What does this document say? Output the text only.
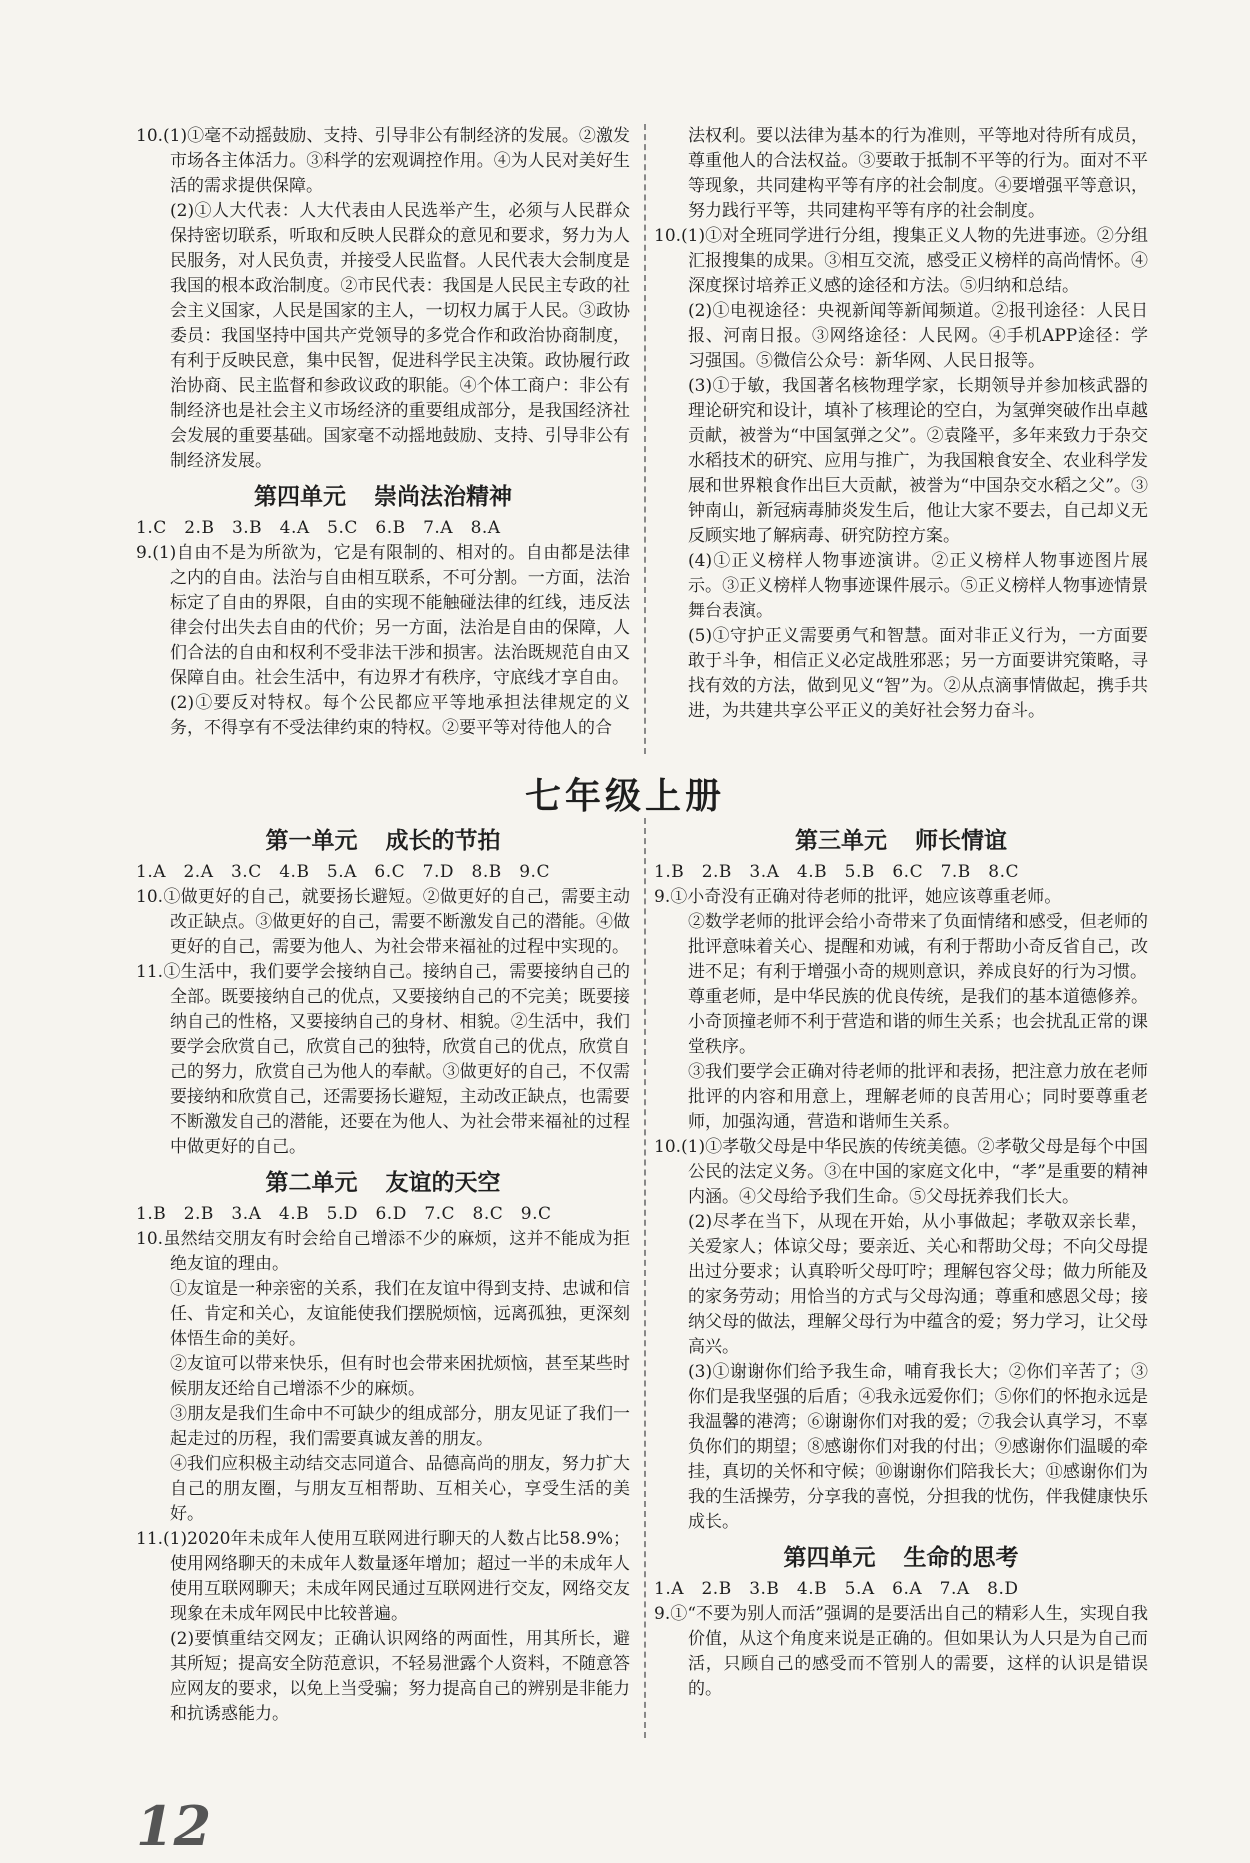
10.(1)①毫不动摇鼓励、支持、引导非公有制经济的发展。②激发市场各主体活力。③科学的宏观调控作用。④为人民对美好生活的需求提供保障。

(2)①人大代表：人大代表由人民选举产生，必须与人民群众保持密切联系，听取和反映人民群众的意见和要求，努力为人民服务，对人民负责，并接受人民监督。人民代表大会制度是我国的根本政治制度。②市民代表：我国是人民民主专政的社会主义国家，人民是国家的主人，一切权力属于人民。③政协委员：我国坚持中国共产党领导的多党合作和政治协商制度，有利于反映民意，集中民智，促进科学民主决策。政协履行政治协商、民主监督和参政议政的职能。④个体工商户：非公有制经济也是社会主义市场经济的重要组成部分，是我国经济社会发展的重要基础。国家毫不动摇地鼓励、支持、引导非公有制经济发展。

第四单元 崇尚法治精神

1.C　2.B　3.B　4.A　5.C　6.B　7.A　8.A

9.(1)自由不是为所欲为，它是有限制的、相对的。自由都是法律之内的自由。法治与自由相互联系，不可分割。一方面，法治标定了自由的界限，自由的实现不能触碰法律的红线，违反法律会付出失去自由的代价；另一方面，法治是自由的保障，人们合法的自由和权利不受非法干涉和损害。法治既规范自由又保障自由。社会生活中，有边界才有秩序，守底线才享自由。

(2)①要反对特权。每个公民都应平等地承担法律规定的义务，不得享有不受法律约束的特权。②要平等对待他人的合

法权利。要以法律为基本的行为准则，平等地对待所有成员，尊重他人的合法权益。③要敢于抵制不平等的行为。面对不平等现象，共同建构平等有序的社会制度。④要增强平等意识，努力践行平等，共同建构平等有序的社会制度。

10.(1)①对全班同学进行分组，搜集正义人物的先进事迹。②分组汇报搜集的成果。③相互交流，感受正义榜样的高尚情怀。④深度探讨培养正义感的途径和方法。⑤归纳和总结。

(2)①电视途径：央视新闻等新闻频道。②报刊途径：人民日报、河南日报。③网络途径：人民网。④手机APP途径：学习强国。⑤微信公众号：新华网、人民日报等。

(3)①于敏，我国著名核物理学家，长期领导并参加核武器的理论研究和设计，填补了核理论的空白，为氢弹突破作出卓越贡献，被誉为“中国氢弹之父”。②袁隆平，多年来致力于杂交水稻技术的研究、应用与推广，为我国粮食安全、农业科学发展和世界粮食作出巨大贡献，被誉为“中国杂交水稻之父”。③钟南山，新冠病毒肺炎发生后，他让大家不要去，自己却义无反顾实地了解病毒、研究防控方案。

(4)①正义榜样人物事迹演讲。②正义榜样人物事迹图片展示。③正义榜样人物事迹课件展示。⑤正义榜样人物事迹情景舞台表演。

(5)①守护正义需要勇气和智慧。面对非正义行为，一方面要敢于斗争，相信正义必定战胜邪恶；另一方面要讲究策略，寻找有效的方法，做到见义“智”为。②从点滴事情做起，携手共进，为共建共享公平正义的美好社会努力奋斗。

七年级上册
第一单元 成长的节拍

1.A　2.A　3.C　4.B　5.A　6.C　7.D　8.B　9.C

10.①做更好的自己，就要扬长避短。②做更好的自己，需要主动改正缺点。③做更好的自己，需要不断激发自己的潜能。④做更好的自己，需要为他人、为社会带来福祉的过程中实现的。

11.①生活中，我们要学会接纳自己。接纳自己，需要接纳自己的全部。既要接纳自己的优点，又要接纳自己的不完美；既要接纳自己的性格，又要接纳自己的身材、相貌。②生活中，我们要学会欣赏自己，欣赏自己的独特，欣赏自己的优点，欣赏自己的努力，欣赏自己为他人的奉献。③做更好的自己，不仅需要接纳和欣赏自己，还需要扬长避短，主动改正缺点，也需要不断激发自己的潜能，还要在为他人、为社会带来福祉的过程中做更好的自己。

第二单元 友谊的天空

1.B　2.B　3.A　4.B　5.D　6.D　7.C　8.C　9.C

10.虽然结交朋友有时会给自己增添不少的麻烦，这并不能成为拒绝友谊的理由。

①友谊是一种亲密的关系，我们在友谊中得到支持、忠诚和信任、肯定和关心，友谊能使我们摆脱烦恼，远离孤独，更深刻体悟生命的美好。

②友谊可以带来快乐，但有时也会带来困扰烦恼，甚至某些时候朋友还给自己增添不少的麻烦。

③朋友是我们生命中不可缺少的组成部分，朋友见证了我们一起走过的历程，我们需要真诚友善的朋友。

④我们应积极主动结交志同道合、品德高尚的朋友，努力扩大自己的朋友圈，与朋友互相帮助、互相关心，享受生活的美好。

11.(1)2020年未成年人使用互联网进行聊天的人数占比58.9%；使用网络聊天的未成年人数量逐年增加；超过一半的未成年人使用互联网聊天；未成年网民通过互联网进行交友，网络交友现象在未成年网民中比较普遍。

(2)要慎重结交网友；正确认识网络的两面性，用其所长，避其所短；提高安全防范意识，不轻易泄露个人资料，不随意答应网友的要求，以免上当受骗；努力提高自己的辨别是非能力和抗诱惑能力。

第三单元 师长情谊

1.B　2.B　3.A　4.B　5.B　6.C　7.B　8.C

9.①小奇没有正确对待老师的批评，她应该尊重老师。

②数学老师的批评会给小奇带来了负面情绪和感受，但老师的批评意味着关心、提醒和劝诫，有利于帮助小奇反省自己，改进不足；有利于增强小奇的规则意识，养成良好的行为习惯。

尊重老师，是中华民族的优良传统，是我们的基本道德修养。小奇顶撞老师不利于营造和谐的师生关系；也会扰乱正常的课堂秩序。

③我们要学会正确对待老师的批评和表扬，把注意力放在老师批评的内容和用意上，理解老师的良苦用心；同时要尊重老师，加强沟通，营造和谐师生关系。

10.(1)①孝敬父母是中华民族的传统美德。②孝敬父母是每个中国公民的法定义务。③在中国的家庭文化中，“孝”是重要的精神内涵。④父母给予我们生命。⑤父母抚养我们长大。

(2)尽孝在当下，从现在开始，从小事做起；孝敬双亲长辈，关爱家人；体谅父母；要亲近、关心和帮助父母；不向父母提出过分要求；认真聆听父母叮咛；理解包容父母；做力所能及的家务劳动；用恰当的方式与父母沟通；尊重和感恩父母；接纳父母的做法，理解父母行为中蕴含的爱；努力学习，让父母高兴。

(3)①谢谢你们给予我生命，哺育我长大；②你们辛苦了；③你们是我坚强的后盾；④我永远爱你们；⑤你们的怀抱永远是我温馨的港湾；⑥谢谢你们对我的爱；⑦我会认真学习，不辜负你们的期望；⑧感谢你们对我的付出；⑨感谢你们温暖的牵挂，真切的关怀和守候；⑩谢谢你们陪我长大；⑪感谢你们为我的生活操劳，分享我的喜悦，分担我的忧伤，伴我健康快乐成长。

第四单元 生命的思考

1.A　2.B　3.B　4.B　5.A　6.A　7.A　8.D

9.①“不要为别人而活”强调的是要活出自己的精彩人生，实现自我价值，从这个角度来说是正确的。但如果认为人只是为自己而活，只顾自己的感受而不管别人的需要，这样的认识是错误的。

12
